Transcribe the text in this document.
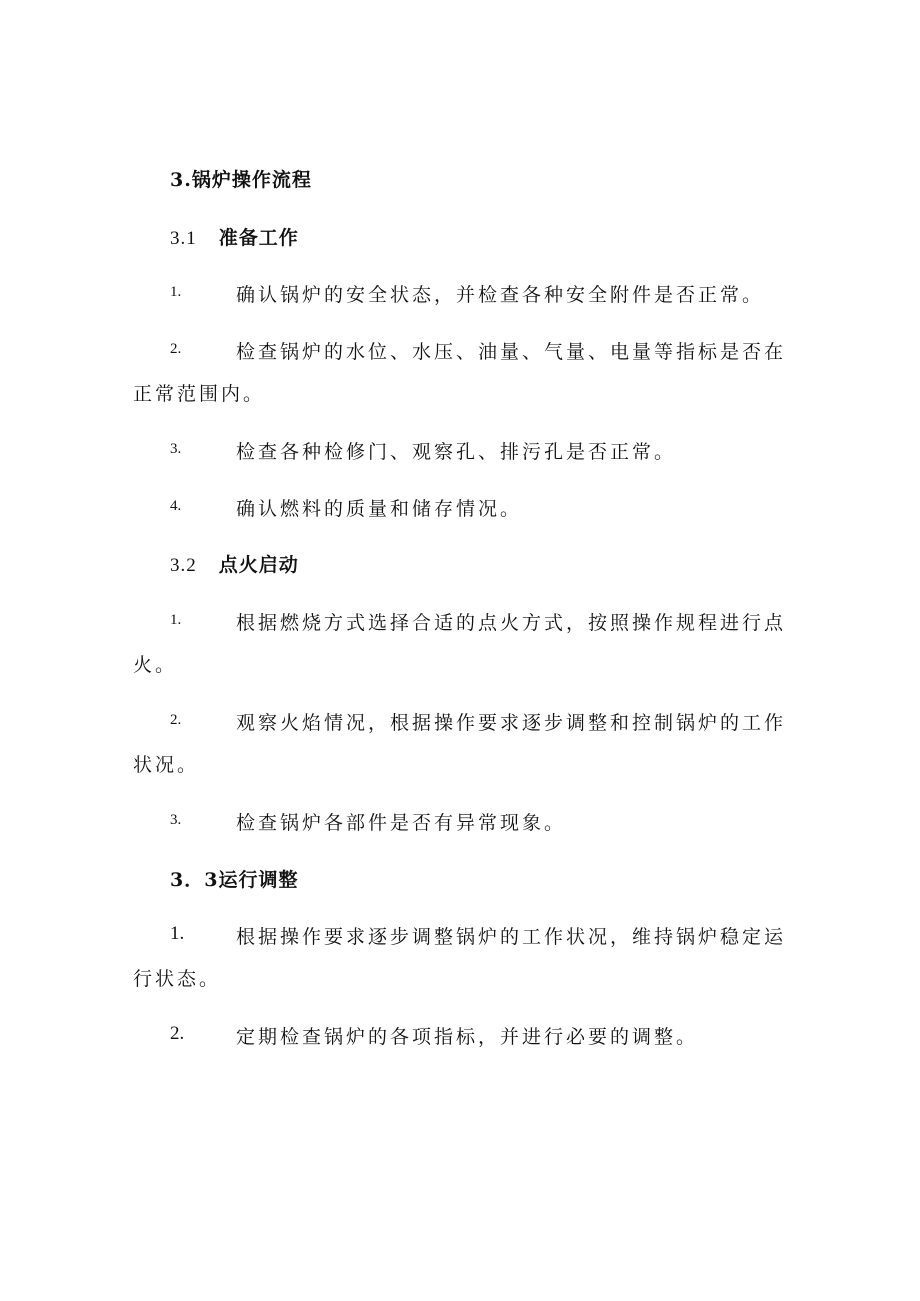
3.锅炉操作流程
3.1 准备工作
1.	确认锅炉的安全状态，并检查各种安全附件是否正常。
2.	检查锅炉的水位、水压、油量、气量、电量等指标是否在
正常范围内。
3.	检查各种检修门、观察孔、排污孔是否正常。
4.	确认燃料的质量和储存情况。
3.2 点火启动
1.	根据燃烧方式选择合适的点火方式，按照操作规程进行点
火。
2.	观察火焰情况，根据操作要求逐步调整和控制锅炉的工作
状况。
3.	检查锅炉各部件是否有异常现象。
3．3运行调整
1.	根据操作要求逐步调整锅炉的工作状况，维持锅炉稳定运
行状态。
2.	定期检查锅炉的各项指标，并进行必要的调整。
